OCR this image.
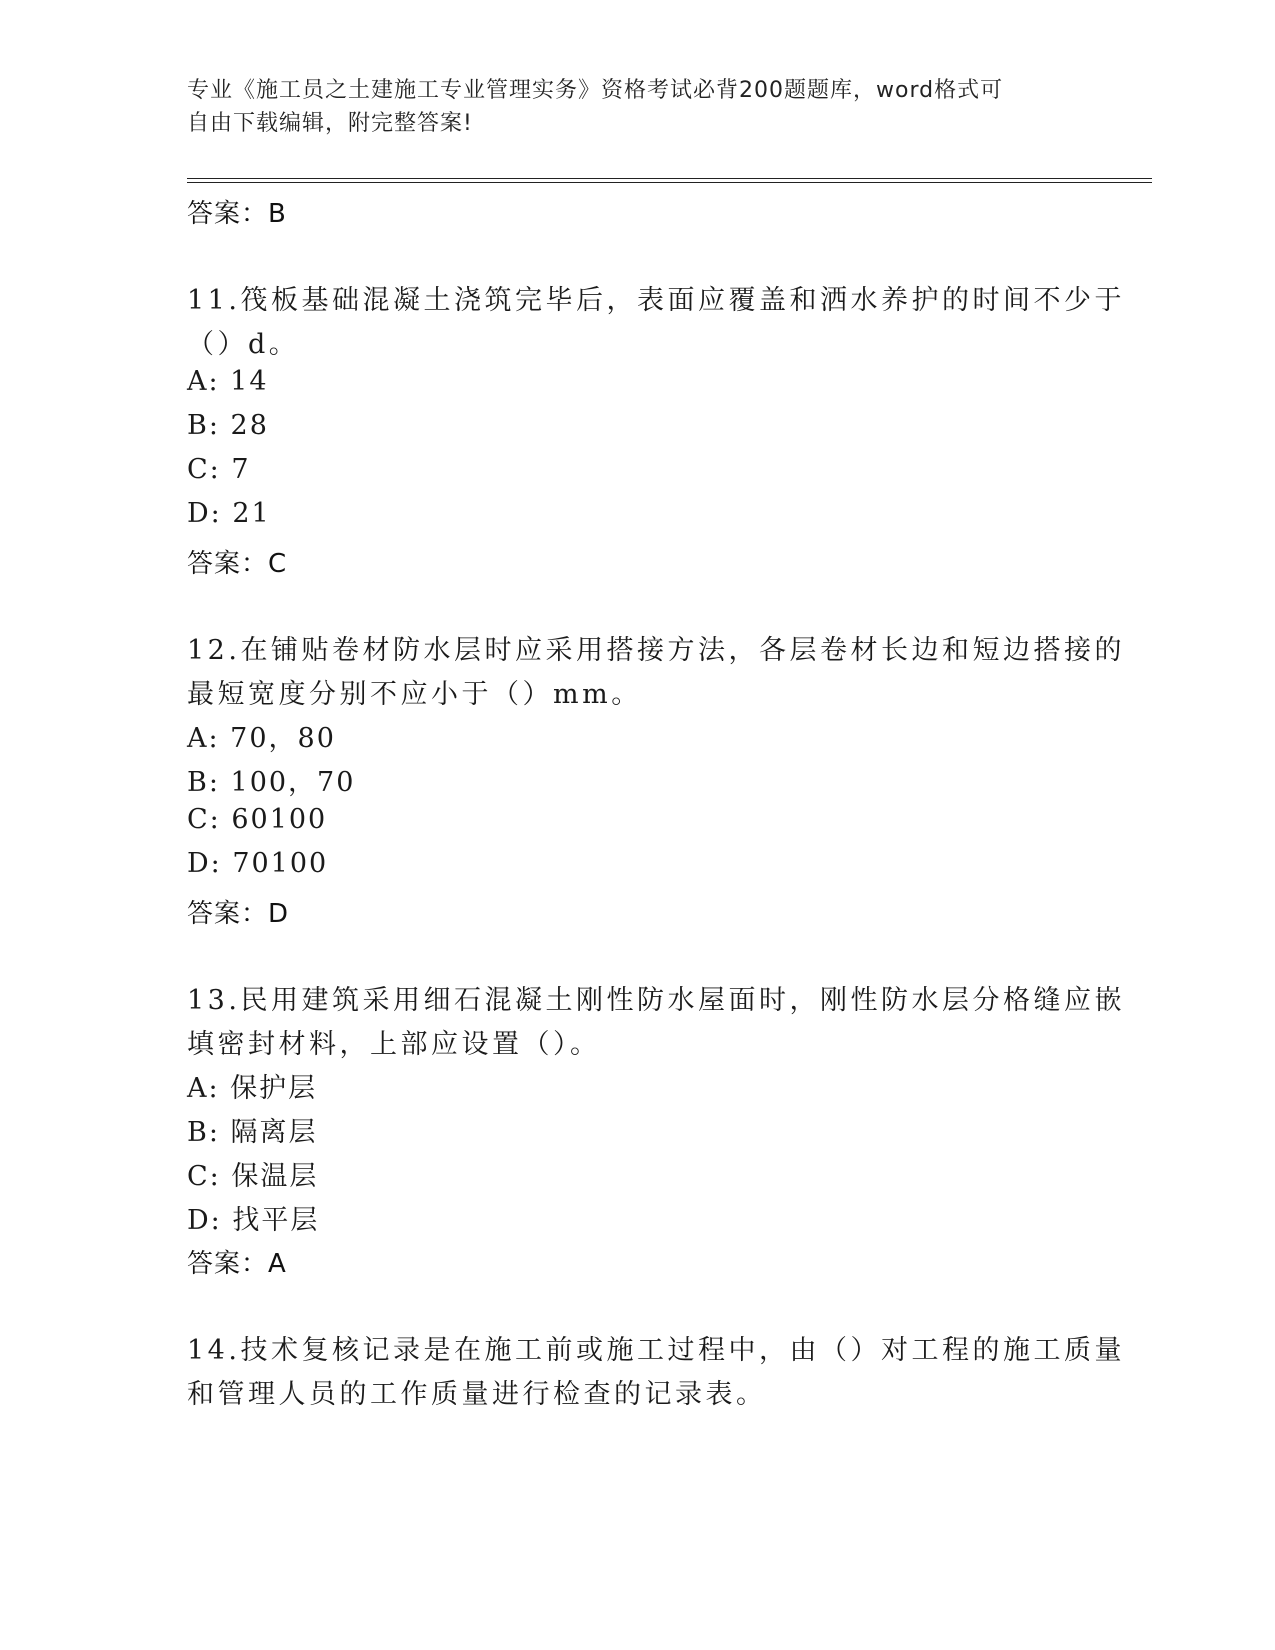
专业《施工员之土建施工专业管理实务》资格考试必背200题题库，word格式可
自由下载编辑，附完整答案!
答案：B
11.筏板基础混凝土浇筑完毕后，表面应覆盖和洒水养护的时间不少于
（）d。
A: 14
B: 28
C: 7
D: 21
答案：C
12.在铺贴卷材防水层时应采用搭接方法，各层卷材长边和短边搭接的
最短宽度分别不应小于（）mm。
A: 70，80
B: 100，70
C: 60100
D: 70100
答案：D
13.民用建筑采用细石混凝土刚性防水屋面时，刚性防水层分格缝应嵌
填密封材料，上部应设置（）。
A: 保护层
B: 隔离层
C: 保温层
D: 找平层
答案：A
14.技术复核记录是在施工前或施工过程中，由（）对工程的施工质量
和管理人员的工作质量进行检查的记录表。
